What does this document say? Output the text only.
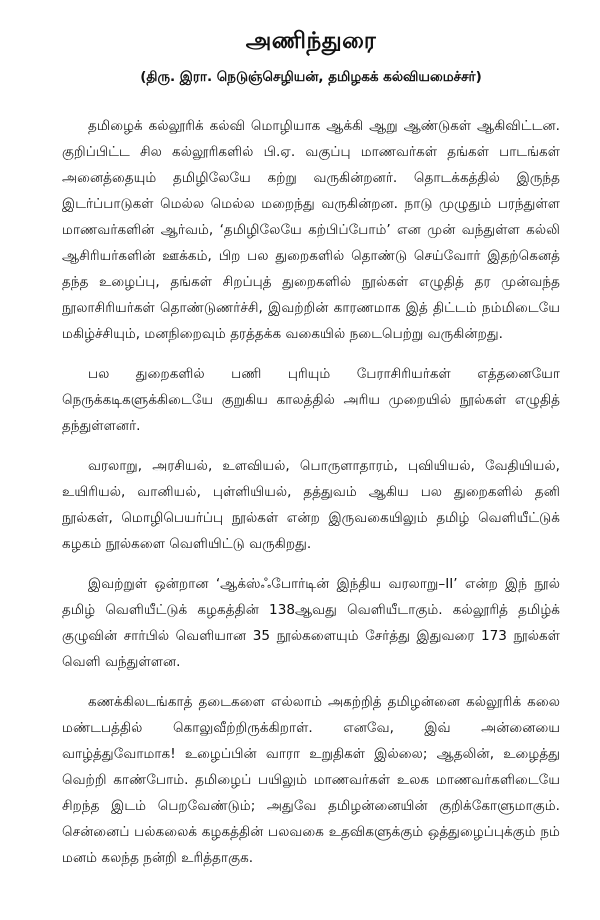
அணிந்துரை
(திரு. இரா. நெடுஞ்செழியன், தமிழகக் கல்வியமைச்சர்)

தமிழைக் கல்லூரிக் கல்வி மொழியாக ஆக்கி ஆறு ஆண்டுகள் ஆகிவிட்டன. குறிப்பிட்ட சில கல்லூரிகளில் பி.ஏ. வகுப்பு மாணவர்கள் தங்கள் பாடங்கள் அனைத்தையும் தமிழிலேயே கற்று வருகின்றனர். தொடக்கத்தில் இருந்த இடர்ப்பாடுகள் மெல்ல மெல்ல மறைந்து வருகின்றன. நாடு முழுதும் பரந்துள்ள மாணவர்களின் ஆர்வம், ‘தமிழிலேயே கற்பிப்போம்’ என முன் வந்துள்ள கல்லி ஆசிரியர்களின் ஊக்கம், பிற பல துறைகளில் தொண்டு செய்வோர் இதற்கெனத் தந்த உழைப்பு, தங்கள் சிறப்புத் துறைகளில் நூல்கள் எழுதித் தர முன்வந்த நூலாசிரியர்கள் தொண்டுணர்ச்சி, இவற்றின் காரணமாக இத் திட்டம் நம்மிடையே மகிழ்ச்சியும், மனநிறைவும் தரத்தக்க வகையில் நடைபெற்று வருகின்றது.

பல துறைகளில் பணி புரியும் பேராசிரியர்கள் எத்தனையோ நெருக்கடிகளுக்கிடையே குறுகிய காலத்தில் அரிய முறையில் நூல்கள் எழுதித் தந்துள்ளனர்.

வரலாறு, அரசியல், உளவியல், பொருளாதாரம், புவியியல், வேதியியல், உயிரியல், வானியல், புள்ளியியல், தத்துவம் ஆகிய பல துறைகளில் தனி நூல்கள், மொழிபெயர்ப்பு நூல்கள் என்ற இருவகையிலும் தமிழ் வெளியீட்டுக் கழகம் நூல்களை வெளியிட்டு வருகிறது.

இவற்றுள் ஒன்றான ‘ஆக்ஸ்ஃபோர்டின் இந்திய வரலாறு–II’ என்ற இந் நூல் தமிழ் வெளியீட்டுக் கழகத்தின் 138ஆவது வெளியீடாகும். கல்லூரித் தமிழ்க் குழுவின் சார்பில் வெளியான 35 நூல்களையும் சேர்த்து இதுவரை 173 நூல்கள் வெளி வந்துள்ளன.

கணக்கிலடங்காத் தடைகளை எல்லாம் அகற்றித் தமிழன்னை கல்லூரிக் கலை மண்டபத்தில் கொலுவீற்றிருக்கிறாள். எனவே, இவ் அன்னையை வாழ்த்துவோமாக! உழைப்பின் வாரா உறுதிகள் இல்லை; ஆதலின், உழைத்து வெற்றி காண்போம். தமிழைப் பயிலும் மாணவர்கள் உலக மாணவர்களிடையே சிறந்த இடம் பெறவேண்டும்; அதுவே தமிழன்னையின் குறிக்கோளுமாகும். சென்னைப் பல்கலைக் கழகத்தின் பலவகை உதவிகளுக்கும் ஒத்துழைப்புக்கும் நம் மனம் கலந்த நன்றி உரித்தாகுக.
